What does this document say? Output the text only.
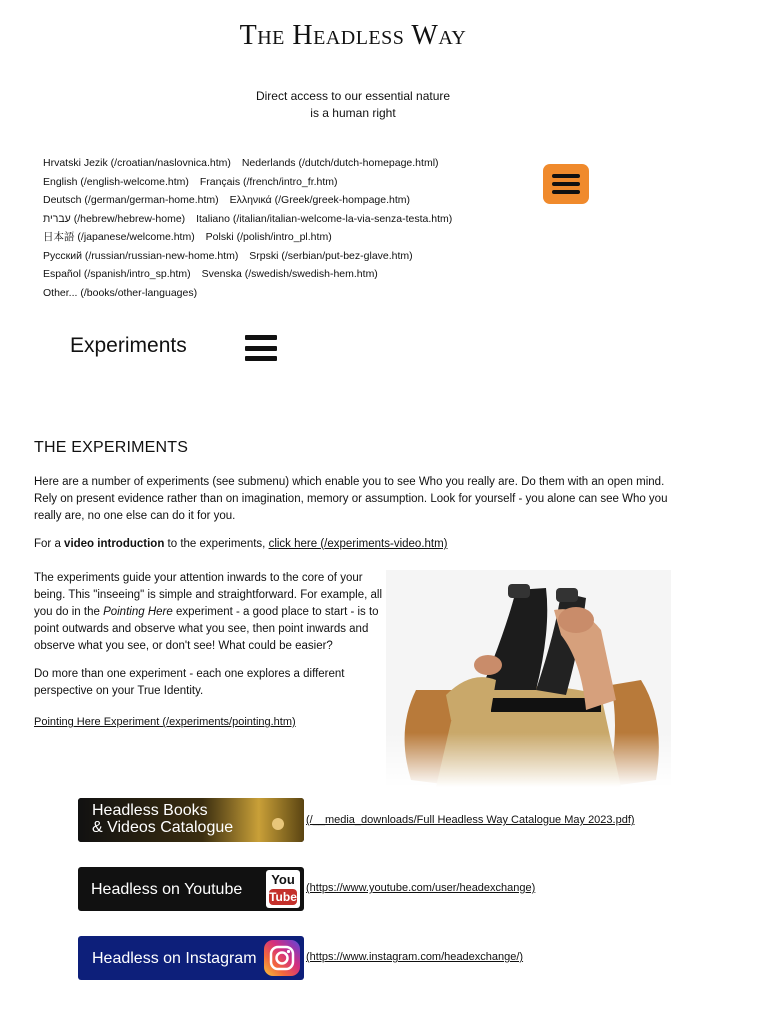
The Headless Way
Direct access to our essential nature
is a human right
Hrvatski Jezik (/croatian/naslovnica.htm) Nederlands (/dutch/dutch-homepage.html)
English (/english-welcome.htm) Français (/french/intro_fr.htm)
Deutsch (/german/german-home.htm) Ελληνικά (/Greek/greek-hompage.htm)
עברית (/hebrew/hebrew-home) Italiano (/italian/italian-welcome-la-via-senza-testa.htm)
日本語 (/japanese/welcome.htm) Polski (/polish/intro_pl.htm)
Русский (/russian/russian-new-home.htm) Srpski (/serbian/put-bez-glave.htm)
Español (/spanish/intro_sp.htm) Svenska (/swedish/swedish-hem.htm)
Other... (/books/other-languages)
Experiments
THE EXPERIMENTS
Here are a number of experiments (see submenu) which enable you to see Who you really are. Do them with an open mind. Rely on present evidence rather than on imagination, memory or assumption. Look for yourself - you alone can see Who you really are, no one else can do it for you.
For a video introduction to the experiments, click here (/experiments-video.htm)
The experiments guide your attention inwards to the core of your being. This "inseeing" is simple and straightforward. For example, all you do in the Pointing Here experiment - a good place to start - is to point outwards and observe what you see, then point inwards and observe what you see, or don't see! What could be easier?
Do more than one experiment - each one explores a different perspective on your True Identity.
Pointing Here Experiment (/experiments/pointing.htm)
Headless Books
& Videos Catalogue	(/__media_downloads/Full Headless Way Catalogue May 2023.pdf)
Headless on Youtube
You
Tube
(https://www.youtube.com/user/headexchange)
Headless on Instagram	(https://www.instagram.com/headexchange/)
